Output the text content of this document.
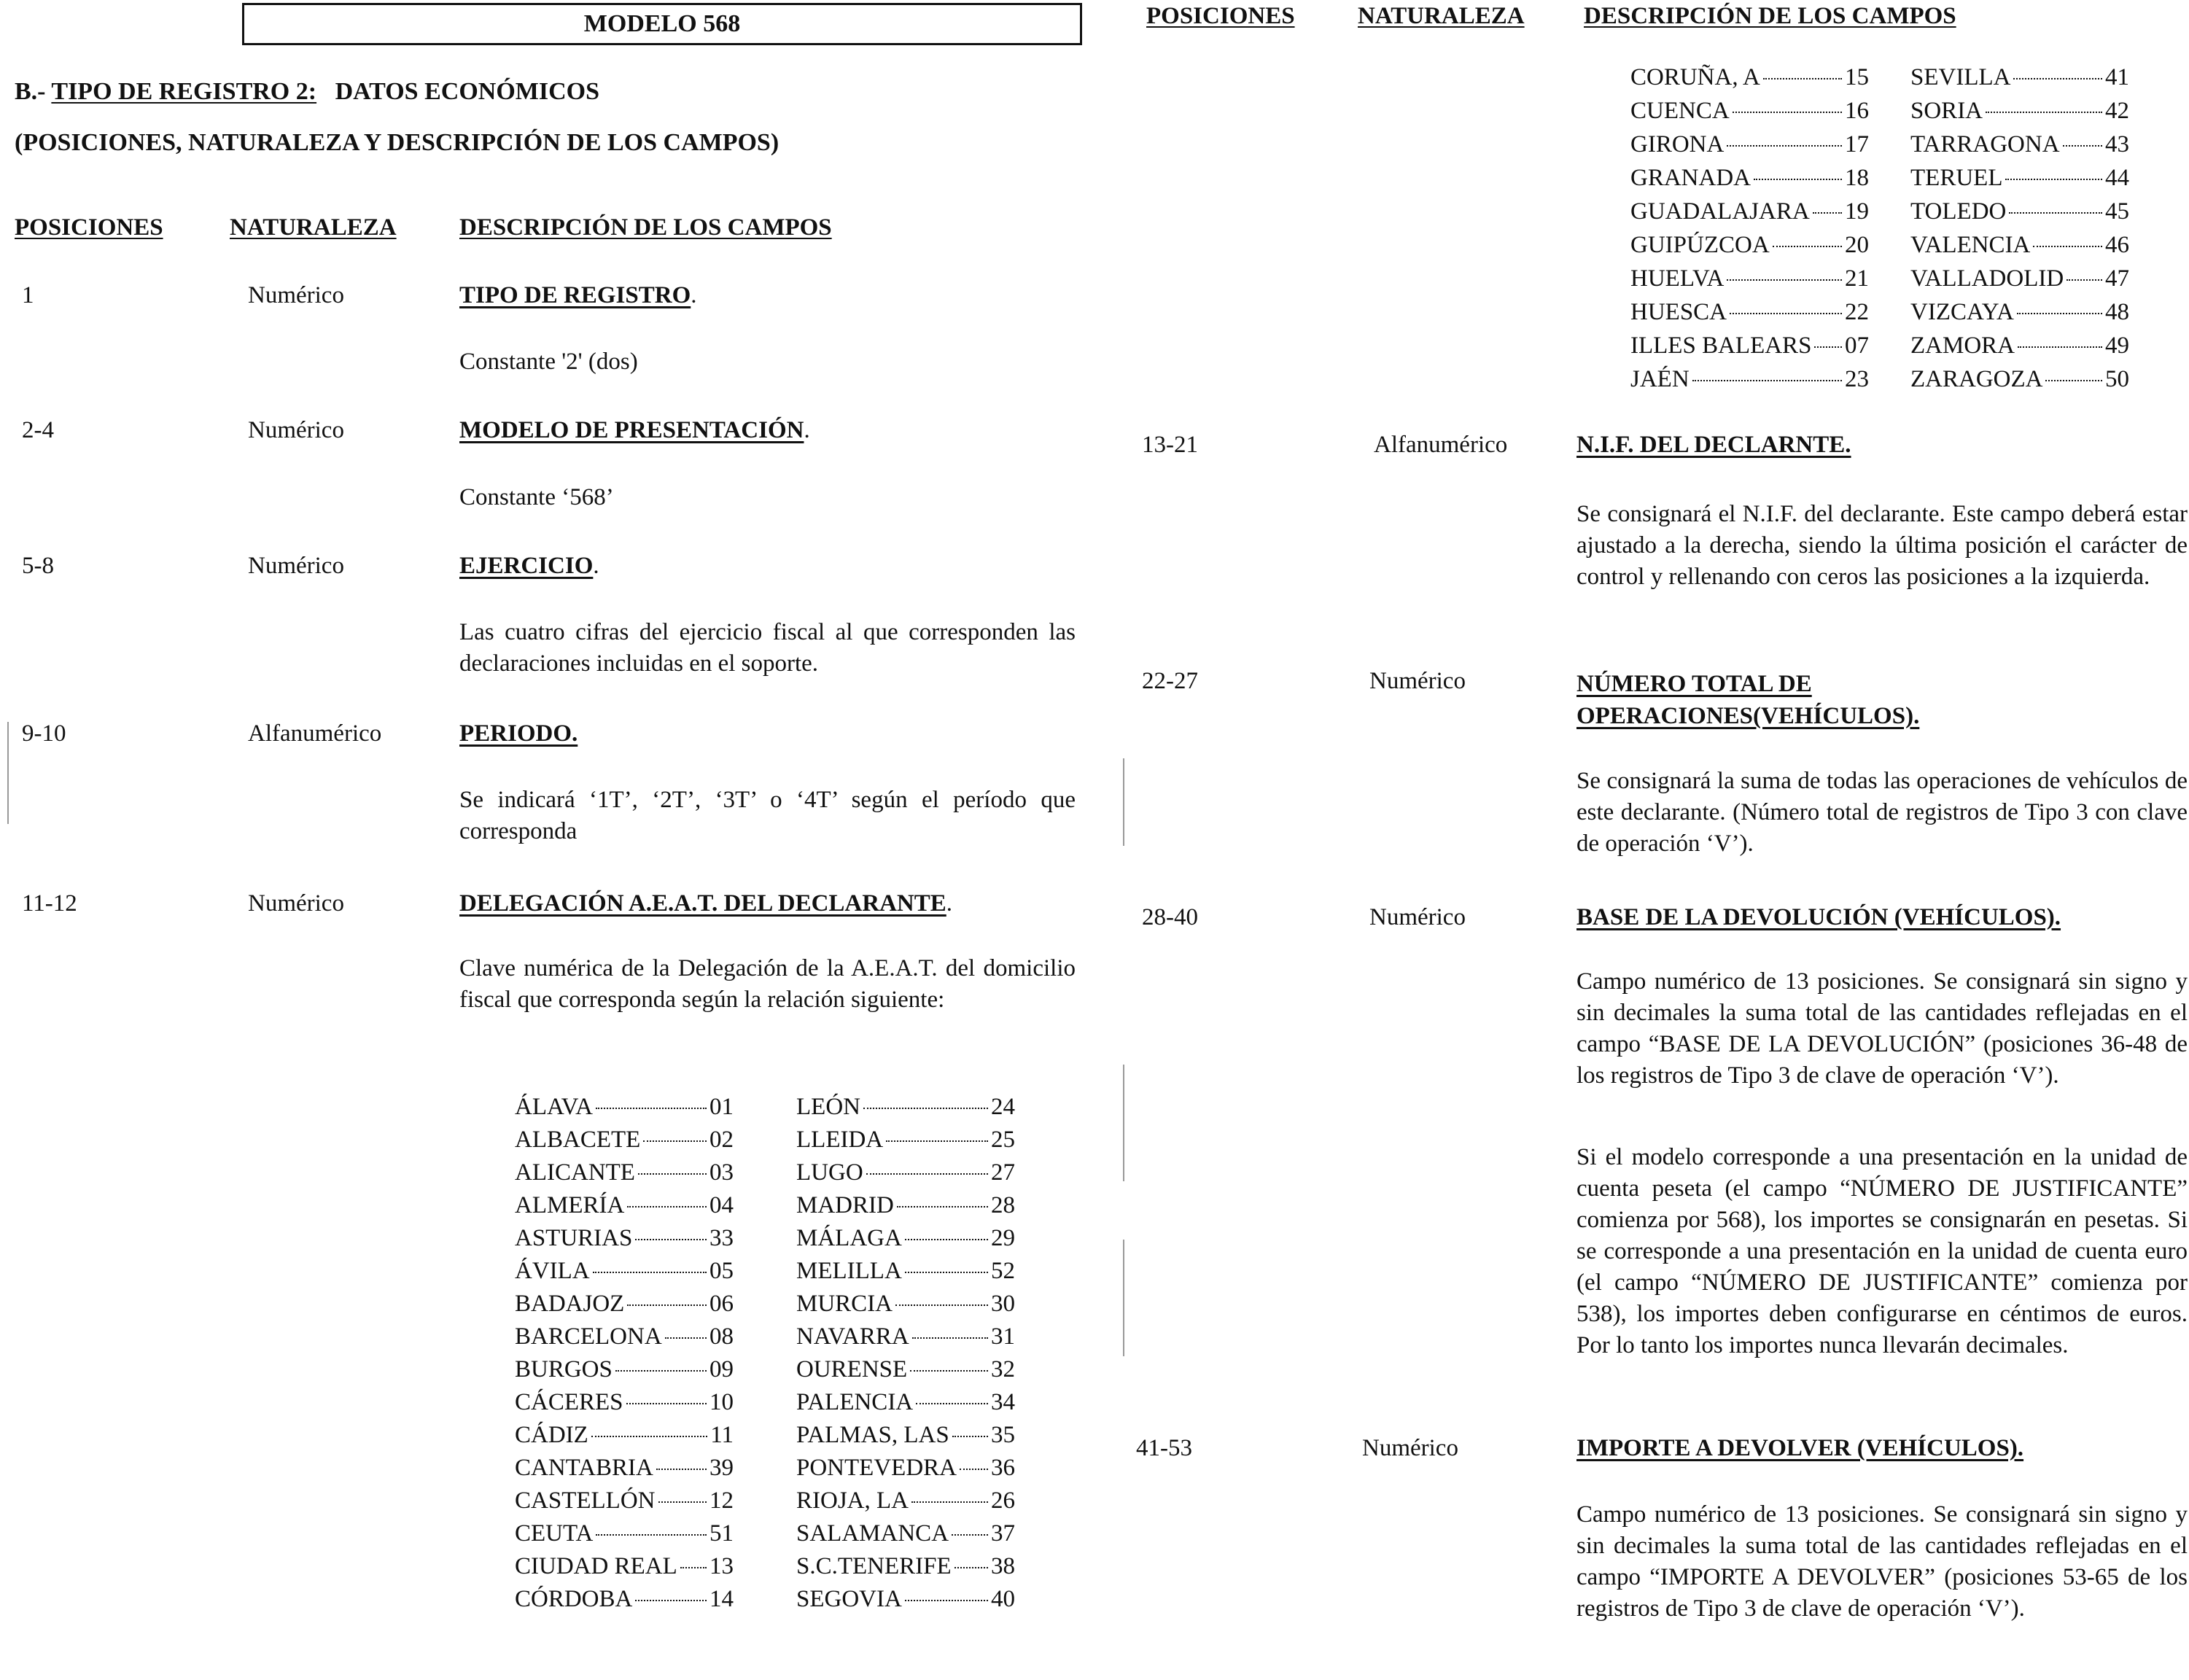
MODELO 568
B.- TIPO DE REGISTRO 2: DATOS ECONÓMICOS
(POSICIONES, NATURALEZA Y DESCRIPCIÓN DE LOS CAMPOS)
POSICIONES	NATURALEZA	DESCRIPCIÓN DE LOS CAMPOS
1	Numérico	TIPO DE REGISTRO.
Constante '2' (dos)
2-4	Numérico	MODELO DE PRESENTACIÓN.
Constante ‘568’
5-8	Numérico	EJERCICIO.
Las cuatro cifras del ejercicio fiscal al que corresponden las declaraciones incluidas en el soporte.
9-10	Alfanumérico	PERIODO.
Se indicará ‘1T’, ‘2T’, ‘3T’ o ‘4T’ según el período que corresponda
11-12	Numérico	DELEGACIÓN A.E.A.T. DEL DECLARANTE.
Clave numérica de la Delegación de la A.E.A.T. del domicilio fiscal que corresponda según la relación siguiente:
ÁLAVA	01	LEÓN	24
ALBACETE	02	LLEIDA	25
ALICANTE	03	LUGO	27
ALMERÍA	04	MADRID	28
ASTURIAS	33	MÁLAGA	29
ÁVILA	05	MELILLA	52
BADAJOZ	06	MURCIA	30
BARCELONA 08	NAVARRA	31
BURGOS	09	OURENSE	32
CÁCERES	10	PALENCIA	34
CÁDIZ	11	PALMAS, LAS 35
CANTABRIA 39	PONTEVEDRA 36
CASTELLÓN 12	RIOJA, LA	26
CEUTA	51	SALAMANCA 37
CIUDAD REAL 13	S.C.TENERIFE 38
CÓRDOBA	14	SEGOVIA	40
POSICIONES	NATURALEZA DESCRIPCIÓN DE LOS CAMPOS
CORUÑA, A	15 SEVILLA	41
CUENCA	16 SORIA	42
GIRONA	17 TARRAGONA 43
GRANADA	18 TERUEL	44
GUADALAJARA 19 TOLEDO	45
GUIPÚZCOA	20 VALENCIA	46
HUELVA	21 VALLADOLID 47
HUESCA	22 VIZCAYA	48
ILLES BALEARS 07 ZAMORA	49
JAÉN	23 ZARAGOZA	50
13-21	Alfanumérico	N.I.F. DEL DECLARNTE.
Se consignará el N.I.F. del declarante. Este campo deberá estar ajustado a la derecha, siendo la última posición el carácter de control y rellenando con ceros las posiciones a la izquierda.
22-27	Numérico	NÚMERO TOTAL DE OPERACIONES(VEHÍCULOS).
Se consignará la suma de todas las operaciones de vehículos de este declarante. (Número total de registros de Tipo 3 con clave de operación ‘V’).
28-40	Numérico	BASE DE LA DEVOLUCIÓN (VEHÍCULOS).
Campo numérico de 13 posiciones. Se consignará sin signo y sin decimales la suma total de las cantidades reflejadas en el campo “BASE DE LA DEVOLUCIÓN” (posiciones 36-48 de los registros de Tipo 3 de clave de operación ‘V’).
Si el modelo corresponde a una presentación en la unidad de cuenta peseta (el campo “NÚMERO DE JUSTIFICANTE” comienza por 568), los importes se consignarán en pesetas. Si se corresponde a una presentación en la unidad de cuenta euro (el campo “NÚMERO DE JUSTIFICANTE” comienza por 538), los importes deben configurarse en céntimos de euros. Por lo tanto los importes nunca llevarán decimales.
41-53	Numérico	IMPORTE A DEVOLVER (VEHÍCULOS).
Campo numérico de 13 posiciones. Se consignará sin signo y sin decimales la suma total de las cantidades reflejadas en el campo “IMPORTE A DEVOLVER” (posiciones 53-65 de los registros de Tipo 3 de clave de operación ‘V’).
